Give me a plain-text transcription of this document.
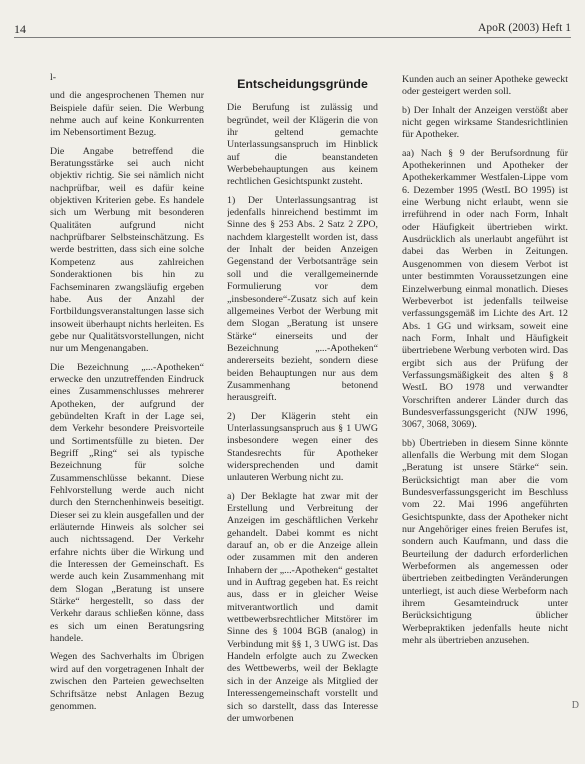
14	ApoR (2003) Heft 1

l-

und die angesprochenen Themen nur Beispiele dafür seien. Die Werbung nehme auch auf keine Konkurrenten im Nebensortiment Bezug.

Die Angabe betreffend die Beratungsstärke sei auch nicht objektiv richtig. Sie sei nämlich nicht nachprüfbar, weil es dafür keine objektiven Kriterien gebe. Es handele sich um Werbung mit besonderen Qualitäten aufgrund nicht nachprüfbarer Selbsteinschätzung. Es werde bestritten, dass sich eine solche Kompetenz aus zahlreichen Sonderaktionen bis hin zu Fachseminaren zwangsläufig ergeben habe. Aus der Anzahl der Fortbildungsveranstaltungen lasse sich insoweit überhaupt nichts herleiten. Es gebe nur Qualitätsvorstellungen, nicht nur um Mengenangaben.

Die Bezeichnung „...-Apotheken“ erwecke den unzutreffenden Eindruck eines Zusammenschlusses mehrerer Apotheken, der aufgrund der gebündelten Kraft in der Lage sei, dem Verkehr besondere Preisvorteile und Sortimentsfülle zu bieten. Der Begriff „Ring“ sei als typische Bezeichnung für solche Zusammenschlüsse bekannt. Diese Fehlvorstellung werde auch nicht durch den Sternchenhinweis beseitigt. Dieser sei zu klein ausgefallen und der erläuternde Hinweis als solcher sei auch nichtssagend. Der Verkehr erfahre nichts über die Wirkung und die Interessen der Gemeinschaft. Es werde auch kein Zusammenhang mit dem Slogan „Beratung ist unsere Stärke“ hergestellt, so dass der Verkehr daraus schließen könne, dass es sich um einen Beratungsring handele.

Wegen des Sachverhalts im Übrigen wird auf den vorgetragenen Inhalt der zwischen den Parteien gewechselten Schriftsätze nebst Anlagen Bezug genommen.

Entscheidungsgründe

Die Berufung ist zulässig und begründet, weil der Klägerin die von ihr geltend gemachte Unterlassungsanspruch im Hinblick auf die beanstandeten Werbebehauptungen aus keinem rechtlichen Gesichtspunkt zusteht.

1) Der Unterlassungsantrag ist jedenfalls hinreichend bestimmt im Sinne des § 253 Abs. 2 Satz 2 ZPO, nachdem klargestellt worden ist, dass der Inhalt der beiden Anzeigen Gegenstand der Verbotsanträge sein soll und die verallgemeinernde Formulierung vor dem „insbesondere“-Zusatz sich auf kein allgemeines Verbot der Werbung mit dem Slogan „Beratung ist unsere Stärke“ einerseits und der Bezeichnung „...-Apotheken“ andererseits bezieht, sondern diese beiden Behauptungen nur aus dem Zusammenhang betonend herausgreift.

2) Der Klägerin steht ein Unterlassungsanspruch aus § 1 UWG insbesondere wegen einer des Standesrechts für Apotheker widersprechenden und damit unlauteren Werbung nicht zu.

a) Der Beklagte hat zwar mit der Erstellung und Verbreitung der Anzeigen im geschäftlichen Verkehr gehandelt. Dabei kommt es nicht darauf an, ob er die Anzeige allein oder zusammen mit den anderen Inhabern der „...-Apotheken“ gestaltet und in Auftrag gegeben hat. Es reicht aus, dass er in gleicher Weise mitverantwortlich und damit wettbewerbsrechtlicher Mitstörer im Sinne des § 1004 BGB (analog) in Verbindung mit §§ 1, 3 UWG ist. Das Handeln erfolgte auch zu Zwecken des Wettbewerbs, weil der Beklagte sich in der Anzeige als Mitglied der Interessengemeinschaft vorstellt und sich so darstellt, dass das Interesse der umworbenen

Kunden auch an seiner Apotheke geweckt oder gesteigert werden soll.

b) Der Inhalt der Anzeigen verstößt aber nicht gegen wirksame Standesrichtlinien für Apotheker.

aa) Nach § 9 der Berufsordnung für Apothekerinnen und Apotheker der Apothekerkammer Westfalen-Lippe vom 6. Dezember 1995 (WestL BO 1995) ist eine Werbung nicht erlaubt, wenn sie irreführend in oder nach Form, Inhalt oder Häufigkeit übertrieben wirkt. Ausdrücklich als unerlaubt angeführt ist dabei das Werben in Zeitungen. Ausgenommen von diesem Verbot ist unter bestimmten Voraussetzungen eine Einzelwerbung einmal monatlich. Dieses Werbeverbot ist jedenfalls teilweise verfassungsgemäß im Lichte des Art. 12 Abs. 1 GG und wirksam, soweit eine nach Form, Inhalt und Häufigkeit übertriebene Werbung verboten wird. Das ergibt sich aus der Prüfung der Verfassungsmäßigkeit des alten § 8 WestL BO 1978 und verwandter Vorschriften anderer Länder durch das Bundesverfassungsgericht (NJW 1996, 3067, 3068, 3069).

bb) Übertrieben in diesem Sinne könnte allenfalls die Werbung mit dem Slogan „Beratung ist unsere Stärke“ sein. Berücksichtigt man aber die vom Bundesverfassungsgericht im Beschluss vom 22. Mai 1996 angeführten Gesichtspunkte, dass der Apotheker nicht nur Angehöriger eines freien Berufes ist, sondern auch Kaufmann, und dass die Beurteilung der dadurch erforderlichen Werbeformen als angemessen oder übertrieben zeitbedingten Veränderungen unterliegt, ist auch diese Werbeform nach ihrem Gesamteindruck unter Berücksichtigung üblicher Werbepraktiken jedenfalls heute nicht mehr als übertrieben anzusehen.

D
